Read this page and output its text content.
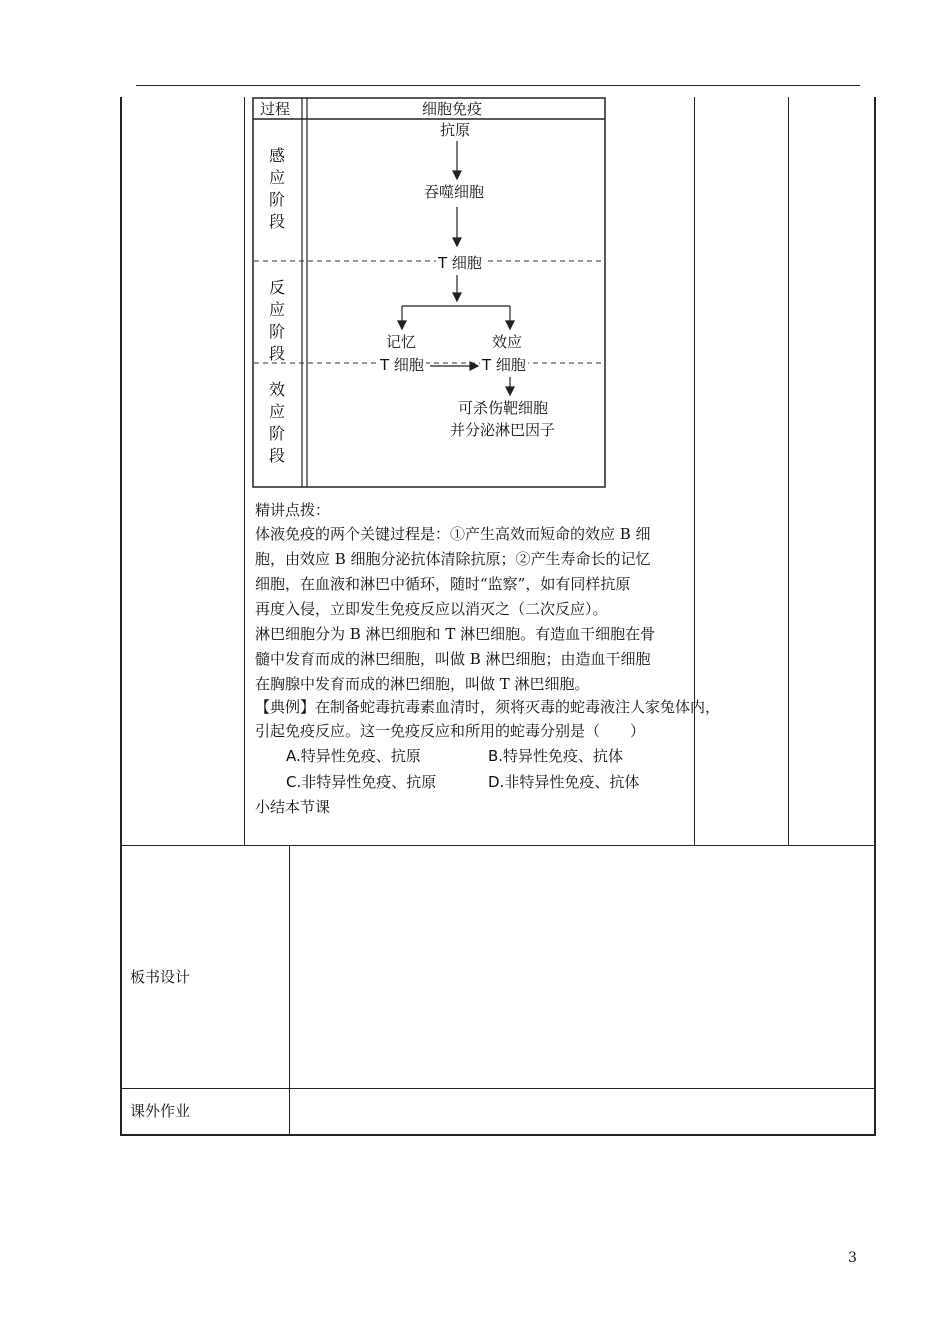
过程	细胞免疫
感应阶段
反应阶段
效应阶段
抗原
吞噬细胞
T 细胞
记忆	效应
T 细胞	T 细胞
可杀伤靶细胞
并分泌淋巴因子
精讲点拨：
体液免疫的两个关键过程是：①产生高效而短命的效应 B 细
胞，由效应 B 细胞分泌抗体清除抗原；②产生寿命长的记忆
细胞，在血液和淋巴中循环，随时“监察”，如有同样抗原
再度入侵，立即发生免疫反应以消灭之（二次反应）。
淋巴细胞分为 B 淋巴细胞和 T 淋巴细胞。有造血干细胞在骨
髓中发育而成的淋巴细胞，叫做 B 淋巴细胞；由造血干细胞
在胸腺中发育而成的淋巴细胞，叫做 T 淋巴细胞。
【典例】在制备蛇毒抗毒素血清时，须将灭毒的蛇毒液注人家兔体内，
引起免疫反应。这一免疫反应和所用的蛇毒分别是（　　）
A.特异性免疫、抗原	B.特异性免疫、抗体
C.非特异性免疫、抗原	D.非特异性免疫、抗体
小结本节课
板书设计
课外作业
3
